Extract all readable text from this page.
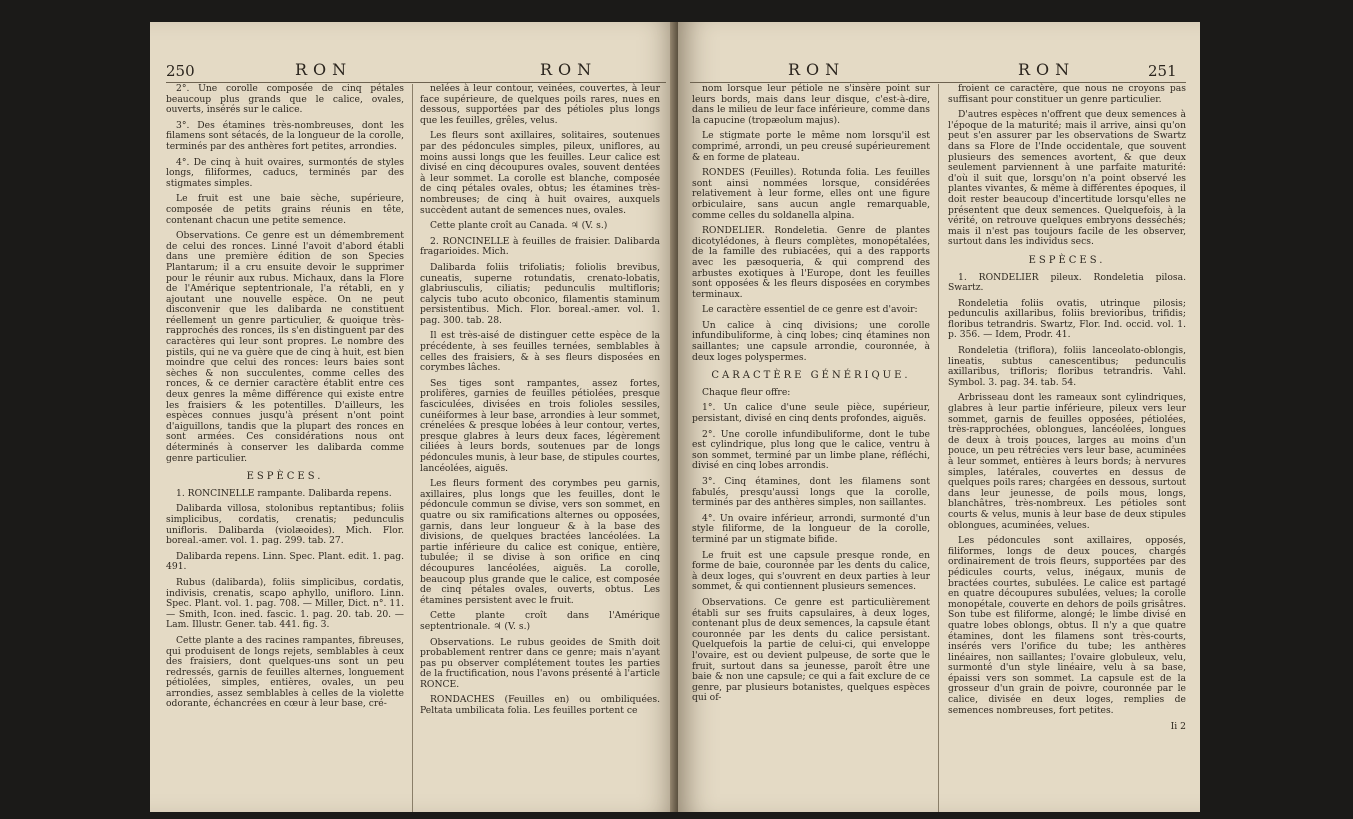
250	RON	RON

2°. Une corolle composée de cinq pétales beaucoup plus grands que le calice, ovales, ouverts, insérés sur le calice.

3°. Des étamines très-nombreuses, dont les filamens sont sétacés, de la longueur de la corolle, terminés par des anthères fort petites, arrondies.

4°. De cinq à huit ovaires, surmontés de styles longs, filiformes, caducs, terminés par des stigmates simples.

Le fruit est une baie sèche, supérieure, composée de petits grains réunis en tête, contenant chacun une petite semence.

Observations. Ce genre est un démembrement de celui des ronces. Linné l'avoit d'abord établi dans une première édition de son Species Plantarum; il a cru ensuite devoir le supprimer pour le réunir aux rubus. Michaux, dans la Flore de l'Amérique septentrionale, l'a rétabli, en y ajoutant une nouvelle espèce. On ne peut disconvenir que les dalibarda ne constituent réellement un genre particulier, & quoique très-rapprochés des ronces, ils s'en distinguent par des caractères qui leur sont propres. Le nombre des pistils, qui ne va guère que de cinq à huit, est bien moindre que celui des ronces: leurs baies sont sèches & non succulentes, comme celles des ronces, & ce dernier caractère établit entre ces deux genres la même différence qui existe entre les fraisiers & les potentilles. D'ailleurs, les espèces connues jusqu'à présent n'ont point d'aiguillons, tandis que la plupart des ronces en sont armées. Ces considérations nous ont déterminés à conserver les dalibarda comme genre particulier.

ESPÈCES.

1. RONCINELLE rampante. Dalibarda repens.

Dalibarda villosa, stolonibus reptantibus; foliis simplicibus, cordatis, crenatis; pedunculis unifloris. Dalibarda (violæoides). Mich. Flor. boreal.-amer. vol. 1. pag. 299. tab. 27.

Dalibarda repens. Linn. Spec. Plant. edit. 1. pag. 491.

Rubus (dalibarda), foliis simplicibus, cordatis, indivisis, crenatis, scapo aphyllo, unifloro. Linn. Spec. Plant. vol. 1. pag. 708. — Miller, Dict. n°. 11. — Smith, Icon. ined. fascic. 1. pag. 20. tab. 20. — Lam. Illustr. Gener. tab. 441. fig. 3.

Cette plante a des racines rampantes, fibreuses, qui produisent de longs rejets, semblables à ceux des fraisiers, dont quelques-uns sont un peu redressés, garnis de feuilles alternes, longuement pétiolées, simples, entières, ovales, un peu arrondies, assez semblables à celles de la violette odorante, échancrées en cœur à leur base, cré-

nelées à leur contour, veinées, couvertes, à leur face supérieure, de quelques poils rares, nues en dessous, supportées par des pétioles plus longs que les feuilles, grêles, velus.

Les fleurs sont axillaires, solitaires, soutenues par des pédoncules simples, pileux, uniflores, au moins aussi longs que les feuilles. Leur calice est divisé en cinq découpures ovales, souvent dentées à leur sommet. La corolle est blanche, composée de cinq pétales ovales, obtus; les étamines très-nombreuses; de cinq à huit ovaires, auxquels succèdent autant de semences nues, ovales.

Cette plante croît au Canada. ♃ (V. s.)

2. RONCINELLE à feuilles de fraisier. Dalibarda fragarioides. Mich.

Dalibarda foliis trifoliatis; foliolis brevibus, cuneatis, superne rotundatis, crenato-lobatis, glabriusculis, ciliatis; pedunculis multifloris; calycis tubo acuto obconico, filamentis staminum persistentibus. Mich. Flor. boreal.-amer. vol. 1. pag. 300. tab. 28.

Il est très-aisé de distinguer cette espèce de la précédente, à ses feuilles ternées, semblables à celles des fraisiers, & à ses fleurs disposées en corymbes lâches.

Ses tiges sont rampantes, assez fortes, prolifères, garnies de feuilles pétiolées, presque fasciculées, divisées en trois folioles sessiles, cunéiformes à leur base, arrondies à leur sommet, crénelées & presque lobées à leur contour, vertes, presque glabres à leurs deux faces, légèrement ciliées à leurs bords, soutenues par de longs pédoncules munis, à leur base, de stipules courtes, lancéolées, aiguës.

Les fleurs forment des corymbes peu garnis, axillaires, plus longs que les feuilles, dont le pédoncule commun se divise, vers son sommet, en quatre ou six ramifications alternes ou opposées, garnis, dans leur longueur & à la base des divisions, de quelques bractées lancéolées. La partie inférieure du calice est conique, entière, tubulée; il se divise à son orifice en cinq découpures lancéolées, aiguës. La corolle, beaucoup plus grande que le calice, est composée de cinq pétales ovales, ouverts, obtus. Les étamines persistent avec le fruit.

Cette plante croît dans l'Amérique septentrionale. ♃ (V. s.)

Observations. Le rubus geoides de Smith doit probablement rentrer dans ce genre; mais n'ayant pas pu observer complétement toutes les parties de la fructification, nous l'avons présenté à l'article RONCE.

RONDACHES (Feuilles en) ou ombiliquées. Peltata umbilicata folia. Les feuilles portent ce

RON	RON	251

nom lorsque leur pétiole ne s'insère point sur leurs bords, mais dans leur disque, c'est-à-dire, dans le milieu de leur face inférieure, comme dans la capucine (tropæolum majus).

Le stigmate porte le même nom lorsqu'il est comprimé, arrondi, un peu creusé supérieurement & en forme de plateau.

RONDES (Feuilles). Rotunda folia. Les feuilles sont ainsi nommées lorsque, considérées relativement à leur forme, elles ont une figure orbiculaire, sans aucun angle remarquable, comme celles du soldanella alpina.

RONDELIER. Rondeletia. Genre de plantes dicotylédones, à fleurs complètes, monopétalées, de la famille des rubiacées, qui a des rapports avec les pæsoqueria, & qui comprend des arbustes exotiques à l'Europe, dont les feuilles sont opposées & les fleurs disposées en corymbes terminaux.

Le caractère essentiel de ce genre est d'avoir:

Un calice à cinq divisions; une corolle infundibuliforme, à cinq lobes; cinq étamines non saillantes; une capsule arrondie, couronnée, à deux loges polyspermes.

CARACTÈRE GÉNÉRIQUE.

Chaque fleur offre:

1°. Un calice d'une seule pièce, supérieur, persistant, divisé en cinq dents profondes, aiguës.

2°. Une corolle infundibuliforme, dont le tube est cylindrique, plus long que le calice, ventru à son sommet, terminé par un limbe plane, réfléchi, divisé en cinq lobes arrondis.

3°. Cinq étamines, dont les filamens sont fabulés, presqu'aussi longs que la corolle, terminés par des anthères simples, non saillantes.

4°. Un ovaire inférieur, arrondi, surmonté d'un style filiforme, de la longueur de la corolle, terminé par un stigmate bifide.

Le fruit est une capsule presque ronde, en forme de baie, couronnée par les dents du calice, à deux loges, qui s'ouvrent en deux parties à leur sommet, & qui contiennent plusieurs semences.

Observations. Ce genre est particulièrement établi sur ses fruits capsulaires, à deux loges, contenant plus de deux semences, la capsule étant couronnée par les dents du calice persistant. Quelquefois la partie de celui-ci, qui enveloppe l'ovaire, est ou devient pulpeuse, de sorte que le fruit, surtout dans sa jeunesse, paroît être une baie & non une capsule; ce qui a fait exclure de ce genre, par plusieurs botanistes, quelques espèces qui of-

froient ce caractère, que nous ne croyons pas suffisant pour constituer un genre particulier.

D'autres espèces n'offrent que deux semences à l'époque de la maturité; mais il arrive, ainsi qu'on peut s'en assurer par les observations de Swartz dans sa Flore de l'Inde occidentale, que souvent plusieurs des semences avortent, & que deux seulement parviennent à une parfaite maturité: d'où il suit que, lorsqu'on n'a point observé les plantes vivantes, & même à différentes époques, il doit rester beaucoup d'incertitude lorsqu'elles ne présentent que deux semences. Quelquefois, à la vérité, on retrouve quelques embryons desséchés; mais il n'est pas toujours facile de les observer, surtout dans les individus secs.

ESPÈCES.

1. RONDELIER pileux. Rondeletia pilosa. Swartz.

Rondeletia foliis ovatis, utrinque pilosis; pedunculis axillaribus, foliis brevioribus, trifidis; floribus tetrandris. Swartz, Flor. Ind. occid. vol. 1. p. 356. — Idem, Prodr. 41.

Rondeletia (triflora), foliis lanceolato-oblongis, lineatis, subtus canescentibus; pedunculis axillaribus, trifloris; floribus tetrandris. Vahl. Symbol. 3. pag. 34. tab. 54.

Arbrisseau dont les rameaux sont cylindriques, glabres à leur partie inférieure, pileux vers leur sommet, garnis de feuilles opposées, pétiolées, très-rapprochées, oblongues, lancéolées, longues de deux à trois pouces, larges au moins d'un pouce, un peu rétrécies vers leur base, acuminées à leur sommet, entières à leurs bords; à nervures simples, latérales, couvertes en dessus de quelques poils rares; chargées en dessous, surtout dans leur jeunesse, de poils mous, longs, blanchâtres, très-nombreux. Les pétioles sont courts & velus, munis à leur base de deux stipules oblongues, acuminées, velues.

Les pédoncules sont axillaires, opposés, filiformes, longs de deux pouces, chargés ordinairement de trois fleurs, supportées par des pédicules courts, velus, inégaux, munis de bractées courtes, subulées. Le calice est partagé en quatre découpures subulées, velues; la corolle monopétale, couverte en dehors de poils grisâtres. Son tube est filiforme, alongé; le limbe divisé en quatre lobes oblongs, obtus. Il n'y a que quatre étamines, dont les filamens sont très-courts, insérés vers l'orifice du tube; les anthères linéaires, non saillantes; l'ovaire globuleux, velu, surmonté d'un style linéaire, velu à sa base, épaissi vers son sommet. La capsule est de la grosseur d'un grain de poivre, couronnée par le calice, divisée en deux loges, remplies de semences nombreuses, fort petites.

Ii 2
